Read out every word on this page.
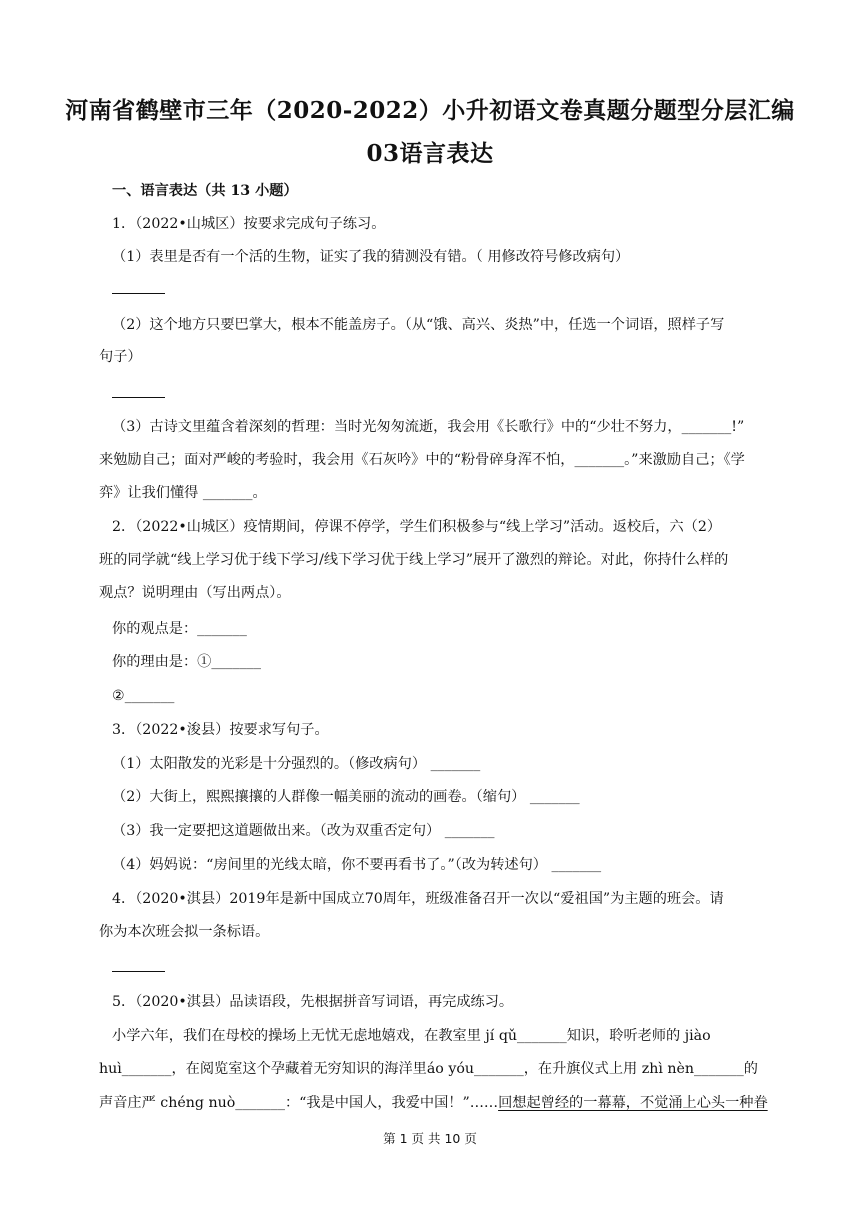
河南省鹤壁市三年（2020-2022）小升初语文卷真题分题型分层汇编
03语言表达
一、语言表达（共 13 小题）
1．（2022•山城区）按要求完成句子练习。
（1）表里是否有一个活的生物，证实了我的猜测没有错。（ 用修改符号修改病句）
（2）这个地方只要巴掌大，根本不能盖房子。（从“饿、高兴、炎热”中，任选一个词语，照样子写
句子）
（3）古诗文里蕴含着深刻的哲理：当时光匆匆流逝，我会用《长歌行》中的“少壮不努力，_______!”
来勉励自己；面对严峻的考验时，我会用《石灰吟》中的“粉骨碎身浑不怕，_______。”来激励自己；《学
弈》让我们懂得 _______。
2．（2022•山城区）疫情期间，停课不停学，学生们积极参与“线上学习”活动。返校后，六（2）
班的同学就“线上学习优于线下学习/线下学习优于线上学习”展开了激烈的辩论。对此，你持什么样的
观点？说明理由（写出两点）。
你的观点是：_______
你的理由是：①_______
②_______
3．（2022•浚县）按要求写句子。
（1）太阳散发的光彩是十分强烈的。（修改病句） _______
（2）大街上，熙熙攘攘的人群像一幅美丽的流动的画卷。（缩句） _______
（3）我一定要把这道题做出来。（改为双重否定句） _______
（4）妈妈说：“房间里的光线太暗，你不要再看书了。”（改为转述句） _______
4．（2020•淇县）2019年是新中国成立70周年，班级准备召开一次以“爱祖国”为主题的班会。请
你为本次班会拟一条标语。
5．（2020•淇县）品读语段，先根据拼音写词语，再完成练习。
小学六年，我们在母校的操场上无忧无虑地嬉戏，在教室里 jí qǔ_______知识，聆听老师的 jiào
huì_______，在阅览室这个孕藏着无穷知识的海洋里áo yóu_______，在升旗仪式上用 zhì nèn_______的
声音庄严 chéng nuò_______：“我是中国人，我爱中国！”……回想起曾经的一幕幕，不觉涌上心头一种眷
第 1 页 共 10 页
